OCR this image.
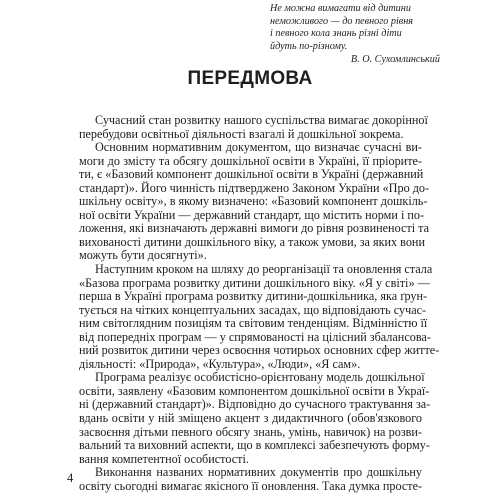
Не можна вимагати від дитини
неможливого — до певного рівня
і певного кола знань різні діти
йдуть по-різному.
В. О. Сухомлинський
ПЕРЕДМОВА
Сучасний стан розвитку нашого суспільства вимагає докорінної
перебудови освітньої діяльності взагалі й дошкільної зокрема.
Основним нормативним документом, що визначає сучасні ви-
моги до змісту та обсягу дошкільної освіти в Україні, її пріорите-
ти, є «Базовий компонент дошкільної освіти в Україні (державний
стандарт)». Його чинність підтверджено Законом України «Про до-
шкільну освіту», в якому визначено: «Базовий компонент дошкіль-
ної освіти України — державний стандарт, що містить норми і по-
ложення, які визначають державні вимоги до рівня розвиненості та
вихованості дитини дошкільного віку, а також умови, за яких вони
можуть бути досягнуті».
Наступним кроком на шляху до реорганізації та оновлення стала
«Базова програма розвитку дитини дошкільного віку. «Я у світі» —
перша в Україні програма розвитку дитини-дошкільника, яка ґрун-
тується на чітких концептуальних засадах, що відповідають сучас-
ним світоглядним позиціям та світовим тенденціям. Відмінністю її
від попередніх програм — у спрямованості на цілісний збалансова-
ний розвиток дитини через освоєння чотирьох основних сфер житте-
діяльності: «Природа», «Культура», «Люди», «Я сам».
Програма реалізує особистісно-орієнтовану модель дошкільної
освіти, заявлену «Базовим компонентом дошкільної освіти в Украї-
ні (державний стандарт)». Відповідно до сучасного трактування за-
вдань освіти у ній зміщено акцент з дидактичного (обов'язкового
засвоєння дітьми певного обсягу знань, умінь, навичок) на розви-
вальний та виховний аспекти, що в комплексі забезпечують форму-
вання компетентної особистості.
Виконання названих нормативних документів про дошкільну
освіту сьогодні вимагає якісного її оновлення. Така думка просте-
4
